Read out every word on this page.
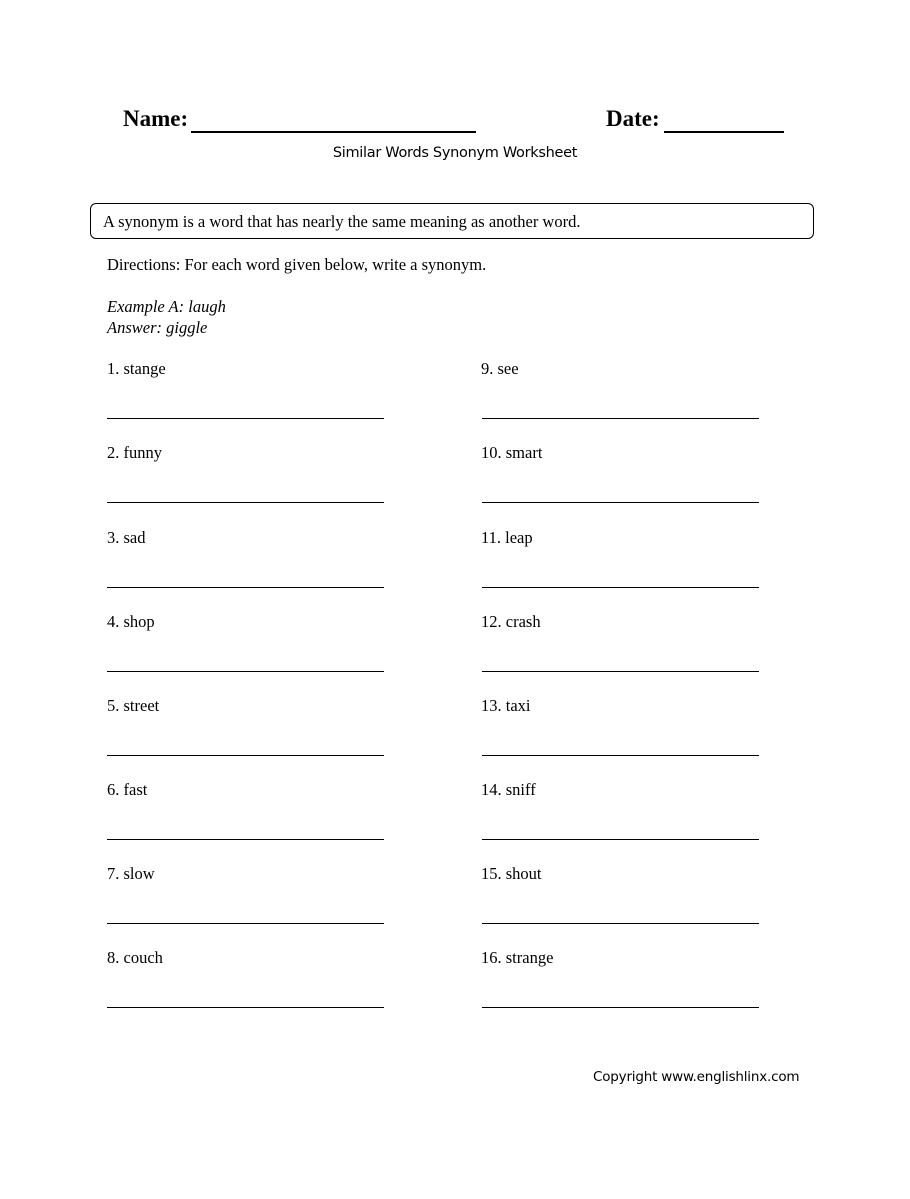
Name:	Date:
Similar Words Synonym Worksheet
A synonym is a word that has nearly the same meaning as another word.
Directions: For each word given below, write a synonym.
Example A: laugh
Answer: giggle
1. stange
2. funny
3. sad
4. shop
5. street
6. fast
7. slow
8. couch
9. see
10. smart
11. leap
12. crash
13. taxi
14. sniff
15. shout
16. strange
Copyright www.englishlinx.com
